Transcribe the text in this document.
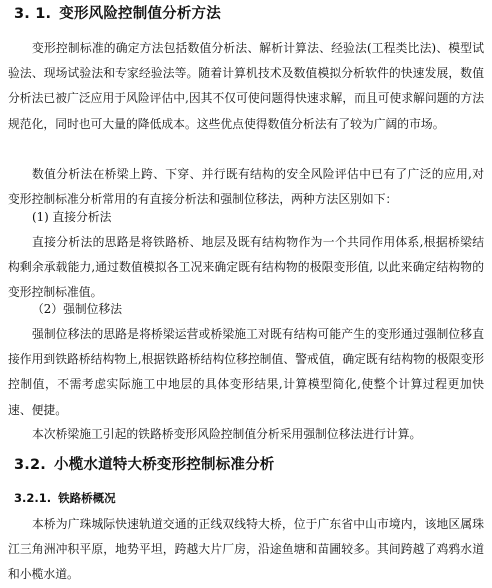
3. 1. 变形风险控制值分析方法

变形控制标准的确定方法包括数值分析法、解析计算法、经验法(工程类比法)、模型试验法、现场试验法和专家经验法等。随着计算机技术及数值模拟分析软件的快速发展，数值分析法已被广泛应用于风险评估中,因其不仅可使问题得快速求解，而且可使求解问题的方法规范化，同时也可大量的降低成本。这些优点使得数值分析法有了较为广阔的市场。

数值分析法在桥梁上跨、下穿、并行既有结构的安全风险评估中已有了广泛的应用,对变形控制标准分析常用的有直接分析法和强制位移法，两种方法区别如下：

(1) 直接分析法

直接分析法的思路是将铁路桥、地层及既有结构物作为一个共同作用体系,根据桥梁结构剩余承载能力,通过数值模拟各工况来确定既有结构物的极限变形值, 以此来确定结构物的变形控制标准值。

（2）强制位移法

强制位移法的思路是将桥梁运营或桥梁施工对既有结构可能产生的变形通过强制位移直接作用到铁路桥结构物上,根据铁路桥结构位移控制值、警戒值，确定既有结构物的极限变形控制值，不需考虑实际施工中地层的具体变形结果,计算模型简化,使整个计算过程更加快速、便捷。

本次桥梁施工引起的铁路桥变形风险控制值分析采用强制位移法进行计算。

3.2. 小榄水道特大桥变形控制标准分析
3.2.1. 铁路桥概况

本桥为广珠城际快速轨道交通的正线双线特大桥，位于广东省中山市境内，该地区属珠江三角洲冲积平原，地势平坦，跨越大片厂房，沿途鱼塘和苗圃较多。其间跨越了鸡鸦水道和小榄水道。
